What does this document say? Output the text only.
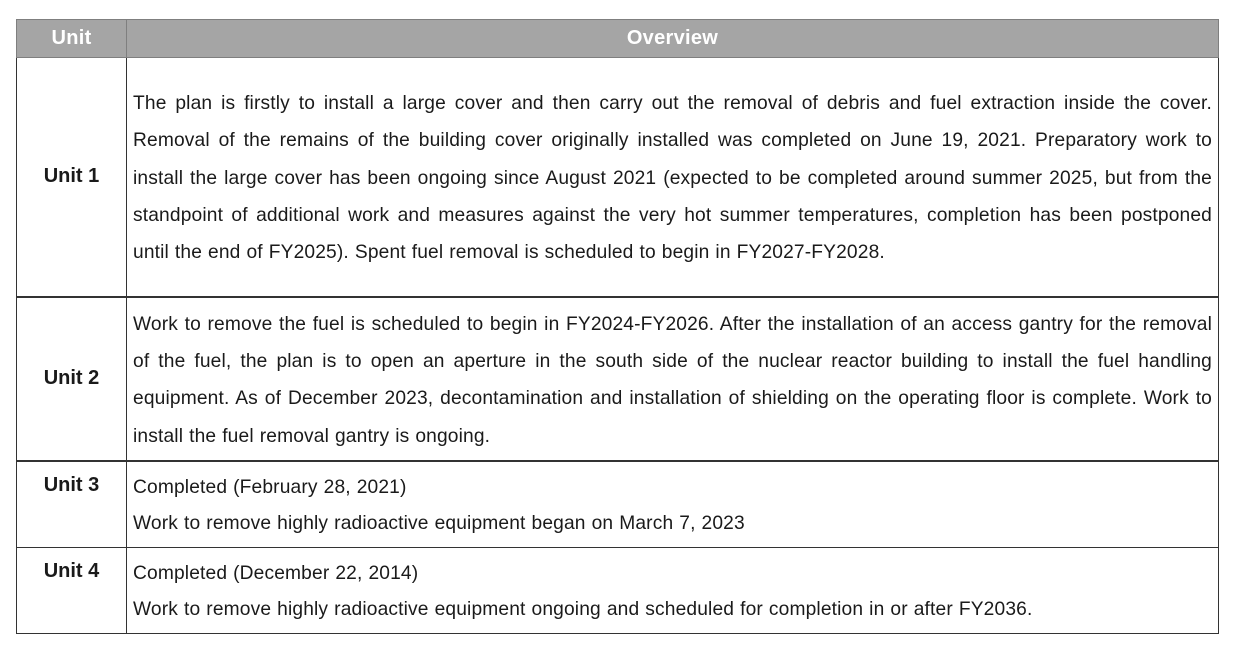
Unit	Overview
Unit 1	The plan is firstly to install a large cover and then carry out the removal of debris and fuel extraction inside the cover. Removal of the remains of the building cover originally installed was completed on June 19, 2021. Preparatory work to install the large cover has been ongoing since August 2021 (expected to be completed around summer 2025, but from the standpoint of additional work and measures against the very hot summer temperatures, completion has been postponed until the end of FY2025). Spent fuel removal is scheduled to begin in FY2027-FY2028.
Unit 2	Work to remove the fuel is scheduled to begin in FY2024-FY2026. After the installation of an access gantry for the removal of the fuel, the plan is to open an aperture in the south side of the nuclear reactor building to install the fuel handling equipment. As of December 2023, decontamination and installation of shielding on the operating floor is complete. Work to install the fuel removal gantry is ongoing.
Unit 3	Completed (February 28, 2021)
Work to remove highly radioactive equipment began on March 7, 2023

Unit 4	Completed (December 22, 2014)
Work to remove highly radioactive equipment ongoing and scheduled for completion in or after FY2036.
